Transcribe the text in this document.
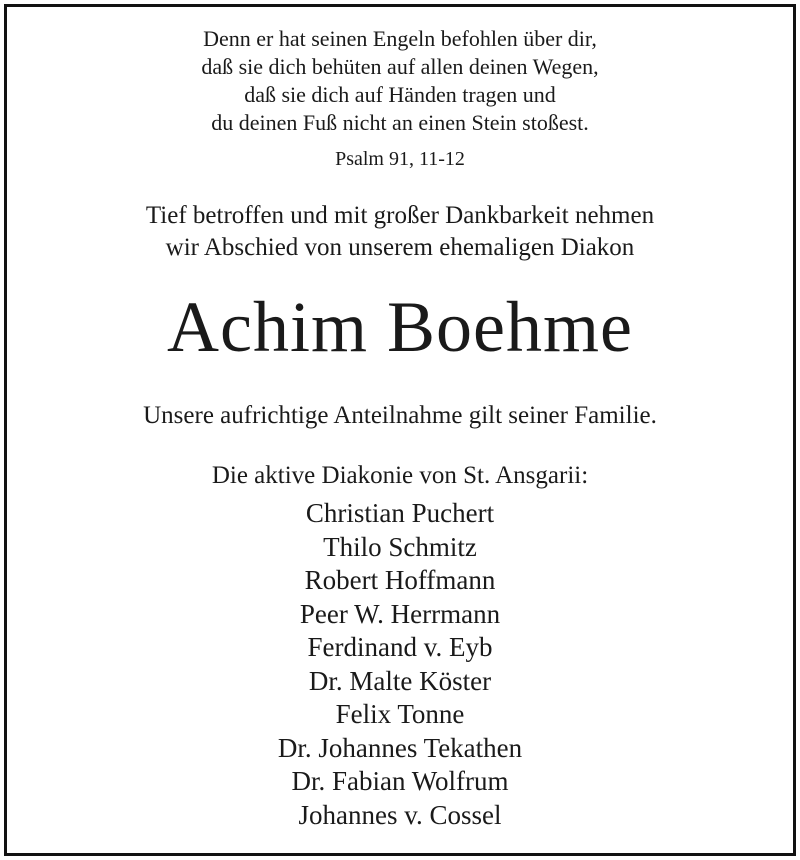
Denn er hat seinen Engeln befohlen über dir,
daß sie dich behüten auf allen deinen Wegen,
daß sie dich auf Händen tragen und
du deinen Fuß nicht an einen Stein stoßest.
Psalm 91, 11-12
Tief betroffen und mit großer Dankbarkeit nehmen
wir Abschied von unserem ehemaligen Diakon
Achim Boehme
Unsere aufrichtige Anteilnahme gilt seiner Familie.
Die aktive Diakonie von St. Ansgarii:
Christian Puchert
Thilo Schmitz
Robert Hoffmann
Peer W. Herrmann
Ferdinand v. Eyb
Dr. Malte Köster
Felix Tonne
Dr. Johannes Tekathen
Dr. Fabian Wolfrum
Johannes v. Cossel
